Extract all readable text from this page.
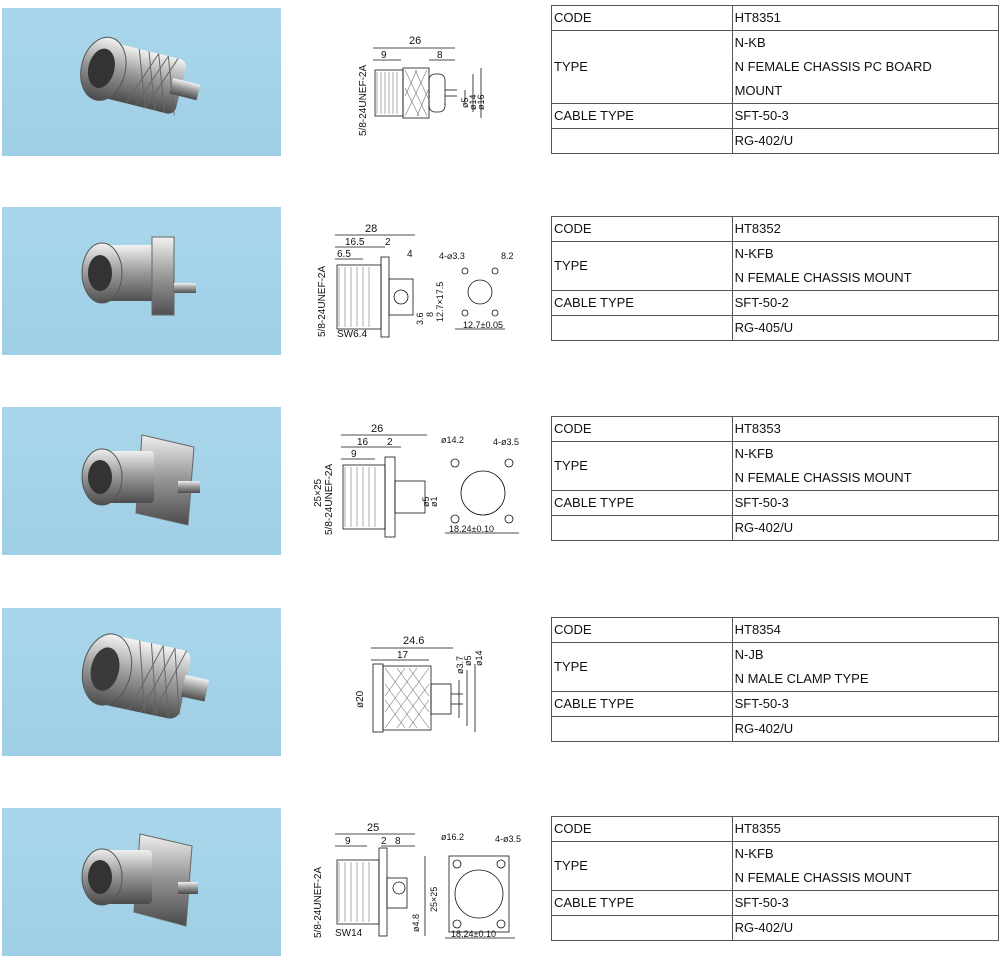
26
9	8
5/8-24UNEF-2A	ø5
ø14
ø16
CODE	HT8351
TYPE	N-KB
N FEMALE CHASSIS PC BOARD
MOUNT

CABLE TYPE	SFT-50-3
	RG-402/U
28
16.5 2
4
6.5
5/8-24UNEF-2A SW6.4
4-⌀3.3	8.2
12.7±0.05
12.7×17.5
3.6 8
CODE	HT8352
TYPE	N-KFB
N FEMALE CHASSIS MOUNT

CABLE TYPE	SFT-50-2
	RG-405/U
26
16 2
9
25×25 5/8-24UNEF-2A
ø14.2	4-ø3.5
ø5
ø1
18.24±0.10
CODE	HT8353
TYPE	N-KFB
N FEMALE CHASSIS MOUNT

CABLE TYPE	SFT-50-3
	RG-402/U
24.6
17
ø20
ø3.7
ø5 ø14
CODE	HT8354
TYPE	N-JB
N MALE CLAMP TYPE

CABLE TYPE	SFT-50-3
	RG-402/U
25
9	2 8
5/8-24UNEF-2A SW14
ø16.2	4-ø3.5
25×25
ø4.8
18.24±0.10
CODE	HT8355
TYPE	N-KFB
N FEMALE CHASSIS MOUNT

CABLE TYPE	SFT-50-3
	RG-402/U
